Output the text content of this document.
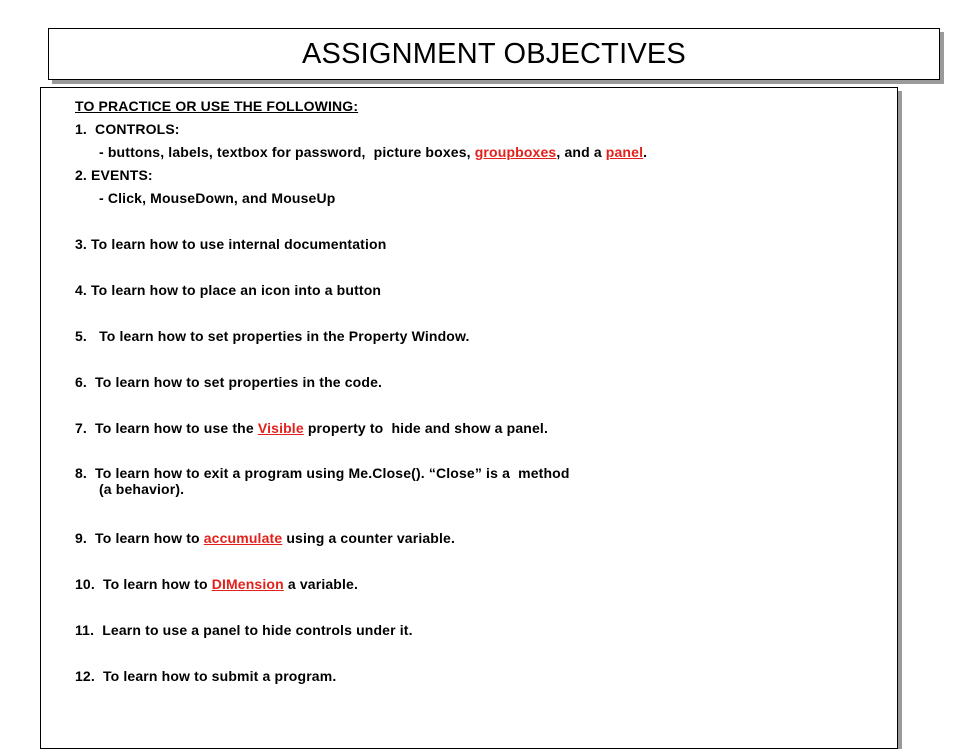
ASSIGNMENT OBJECTIVES
TO PRACTICE OR USE THE FOLLOWING:
1.  CONTROLS:
- buttons, labels, textbox for password,  picture boxes, groupboxes, and a panel.
2. EVENTS:
- Click, MouseDown, and MouseUp
3. To learn how to use internal documentation
4. To learn how to place an icon into a button
5.   To learn how to set properties in the Property Window.
6.  To learn how to set properties in the code.
7.  To learn how to use the Visible property to  hide and show a panel.
8.  To learn how to exit a program using Me.Close(). “Close” is a  method
(a behavior).
9.  To learn how to accumulate using a counter variable.
10.  To learn how to DIMension a variable.
11.  Learn to use a panel to hide controls under it.
12.  To learn how to submit a program.
